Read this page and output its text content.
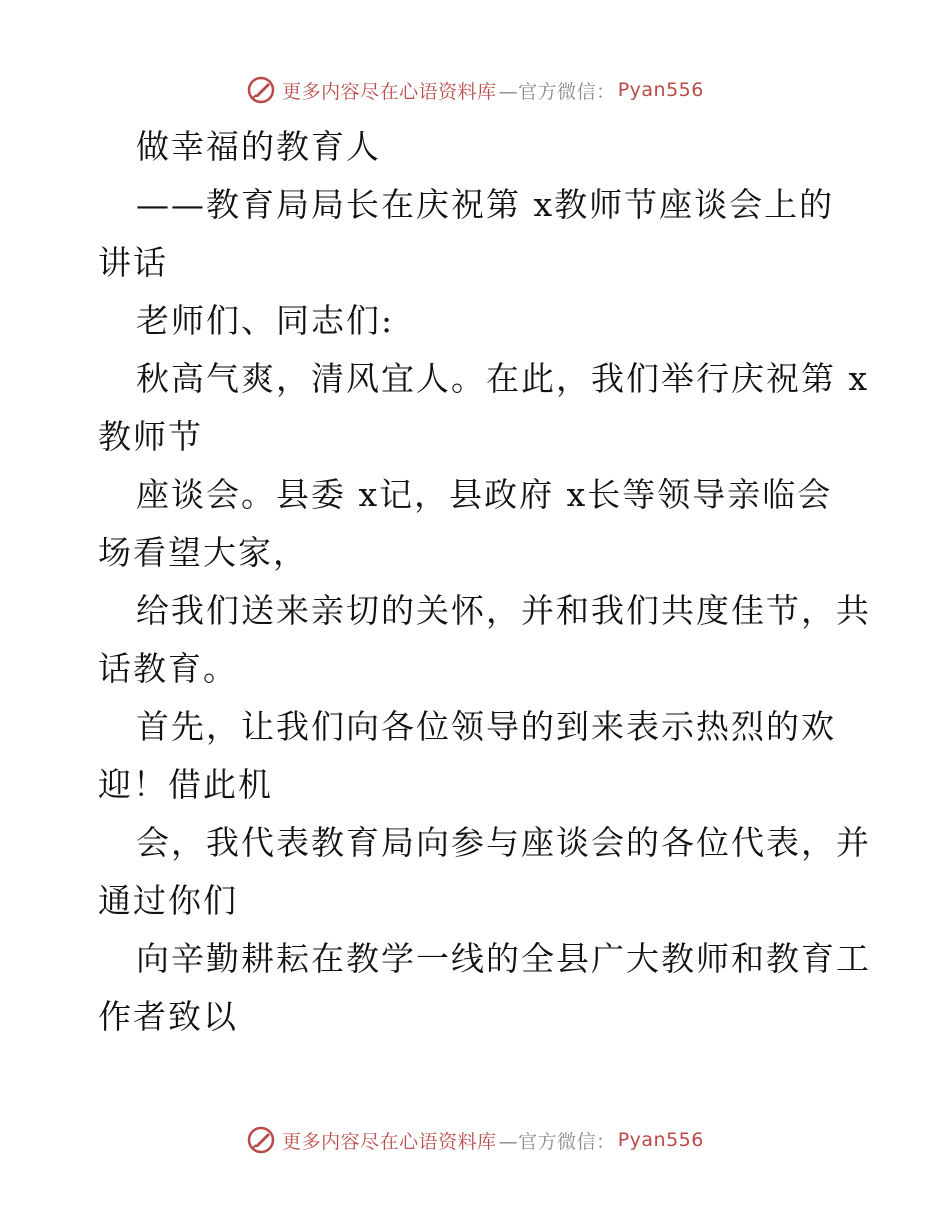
更多内容尽在心语资料库 —官方微信： Pyan556
做幸福的教育人
——教育局局长在庆祝第 x教师节座谈会上的
讲话
老师们、同志们:
秋高气爽，清风宜人。在此，我们举行庆祝第 x
教师节
座谈会。县委 x记，县政府 x长等领导亲临会
场看望大家，
给我们送来亲切的关怀，并和我们共度佳节，共
话教育。
首先，让我们向各位领导的到来表示热烈的欢
迎！借此机
会，我代表教育局向参与座谈会的各位代表，并
通过你们
向辛勤耕耘在教学一线的全县广大教师和教育工
作者致以
更多内容尽在心语资料库 —官方微信： Pyan556
